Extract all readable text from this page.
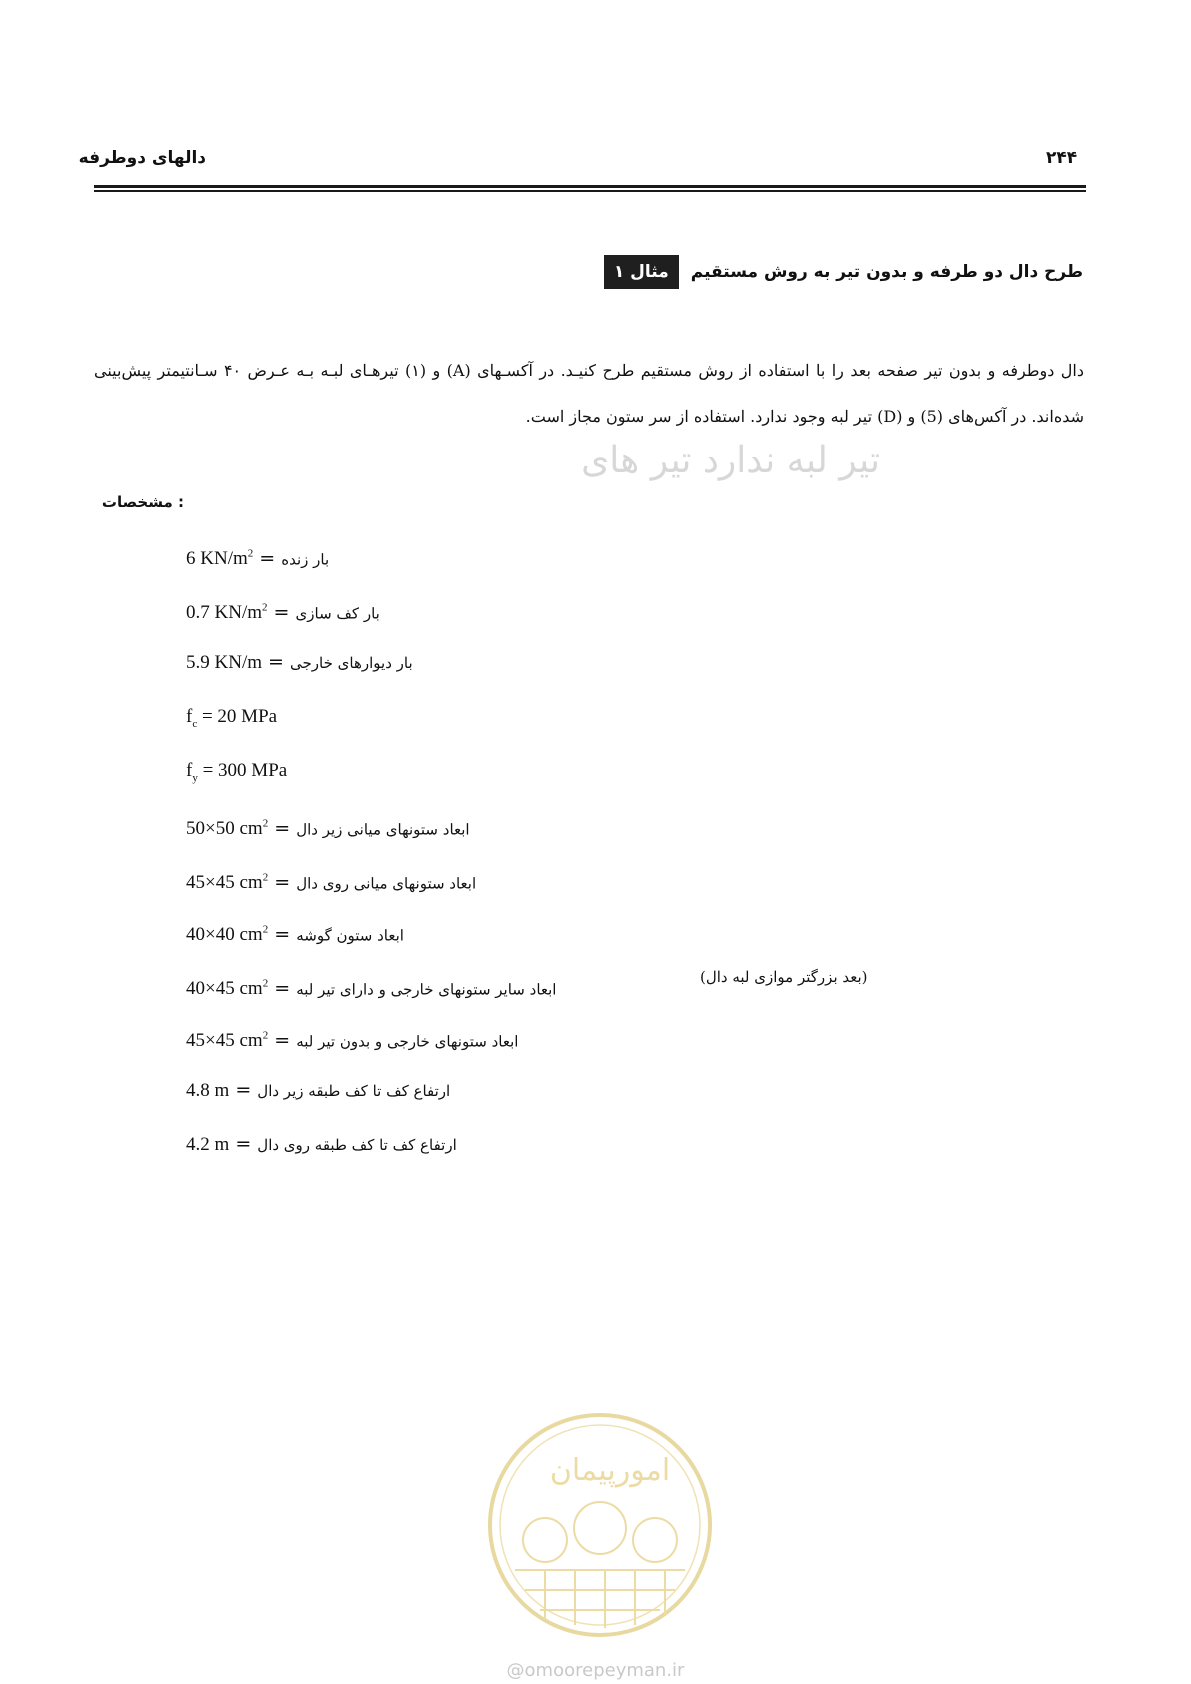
دالهای دوطرفه	۲۴۴
مثال ۱	طرح دال دو طرفه و بدون تیر به روش مستقیم
دال دوطرفه و بدون تیر صفحه بعد را با استفاده از روش مستقیم طرح کنیـد. در آکسـهای (A) و (۱) تیرهـای لبـه بـه عـرض ۴۰ سـانتیمتر پیش‌بینی شده‌اند. در آکس‌های (5) و (D) تیر لبه وجود ندارد. استفاده از سر ستون مجاز است.
ﺗﯿﺮ ﻟﺒﻪ ﻧﺪارد ﺗﯿﺮ ﻫﺎی
: مشخصات
6 $KN/m^2$ = بار زنده
0.7 $KN/m^2$ = بار کف سازی
5.9 KN/m = بار دیوارهای خارجی
$f_c = 20$ MPa
$f_y = 300$ MPa
50×50 $cm^2$ = ابعاد ستونهای میانی زیر دال
45×45 $cm^2$ = ابعاد ستونهای میانی روی دال
40×40 $cm^2$ = ابعاد ستون گوشه
40×45 $cm^2$ = ابعاد سایر ستونهای خارجی و دارای تیر لبه
(بعد بزرگتر موازی لبه دال)
45×45 $cm^2$ = ابعاد ستونهای خارجی و بدون تیر لبه
4.8 m = ارتفاع کف تا کف طبقه زیر دال
4.2 m = ارتفاع کف تا کف طبقه روی دال
امورپیمان
@omoorepeyman.ir
